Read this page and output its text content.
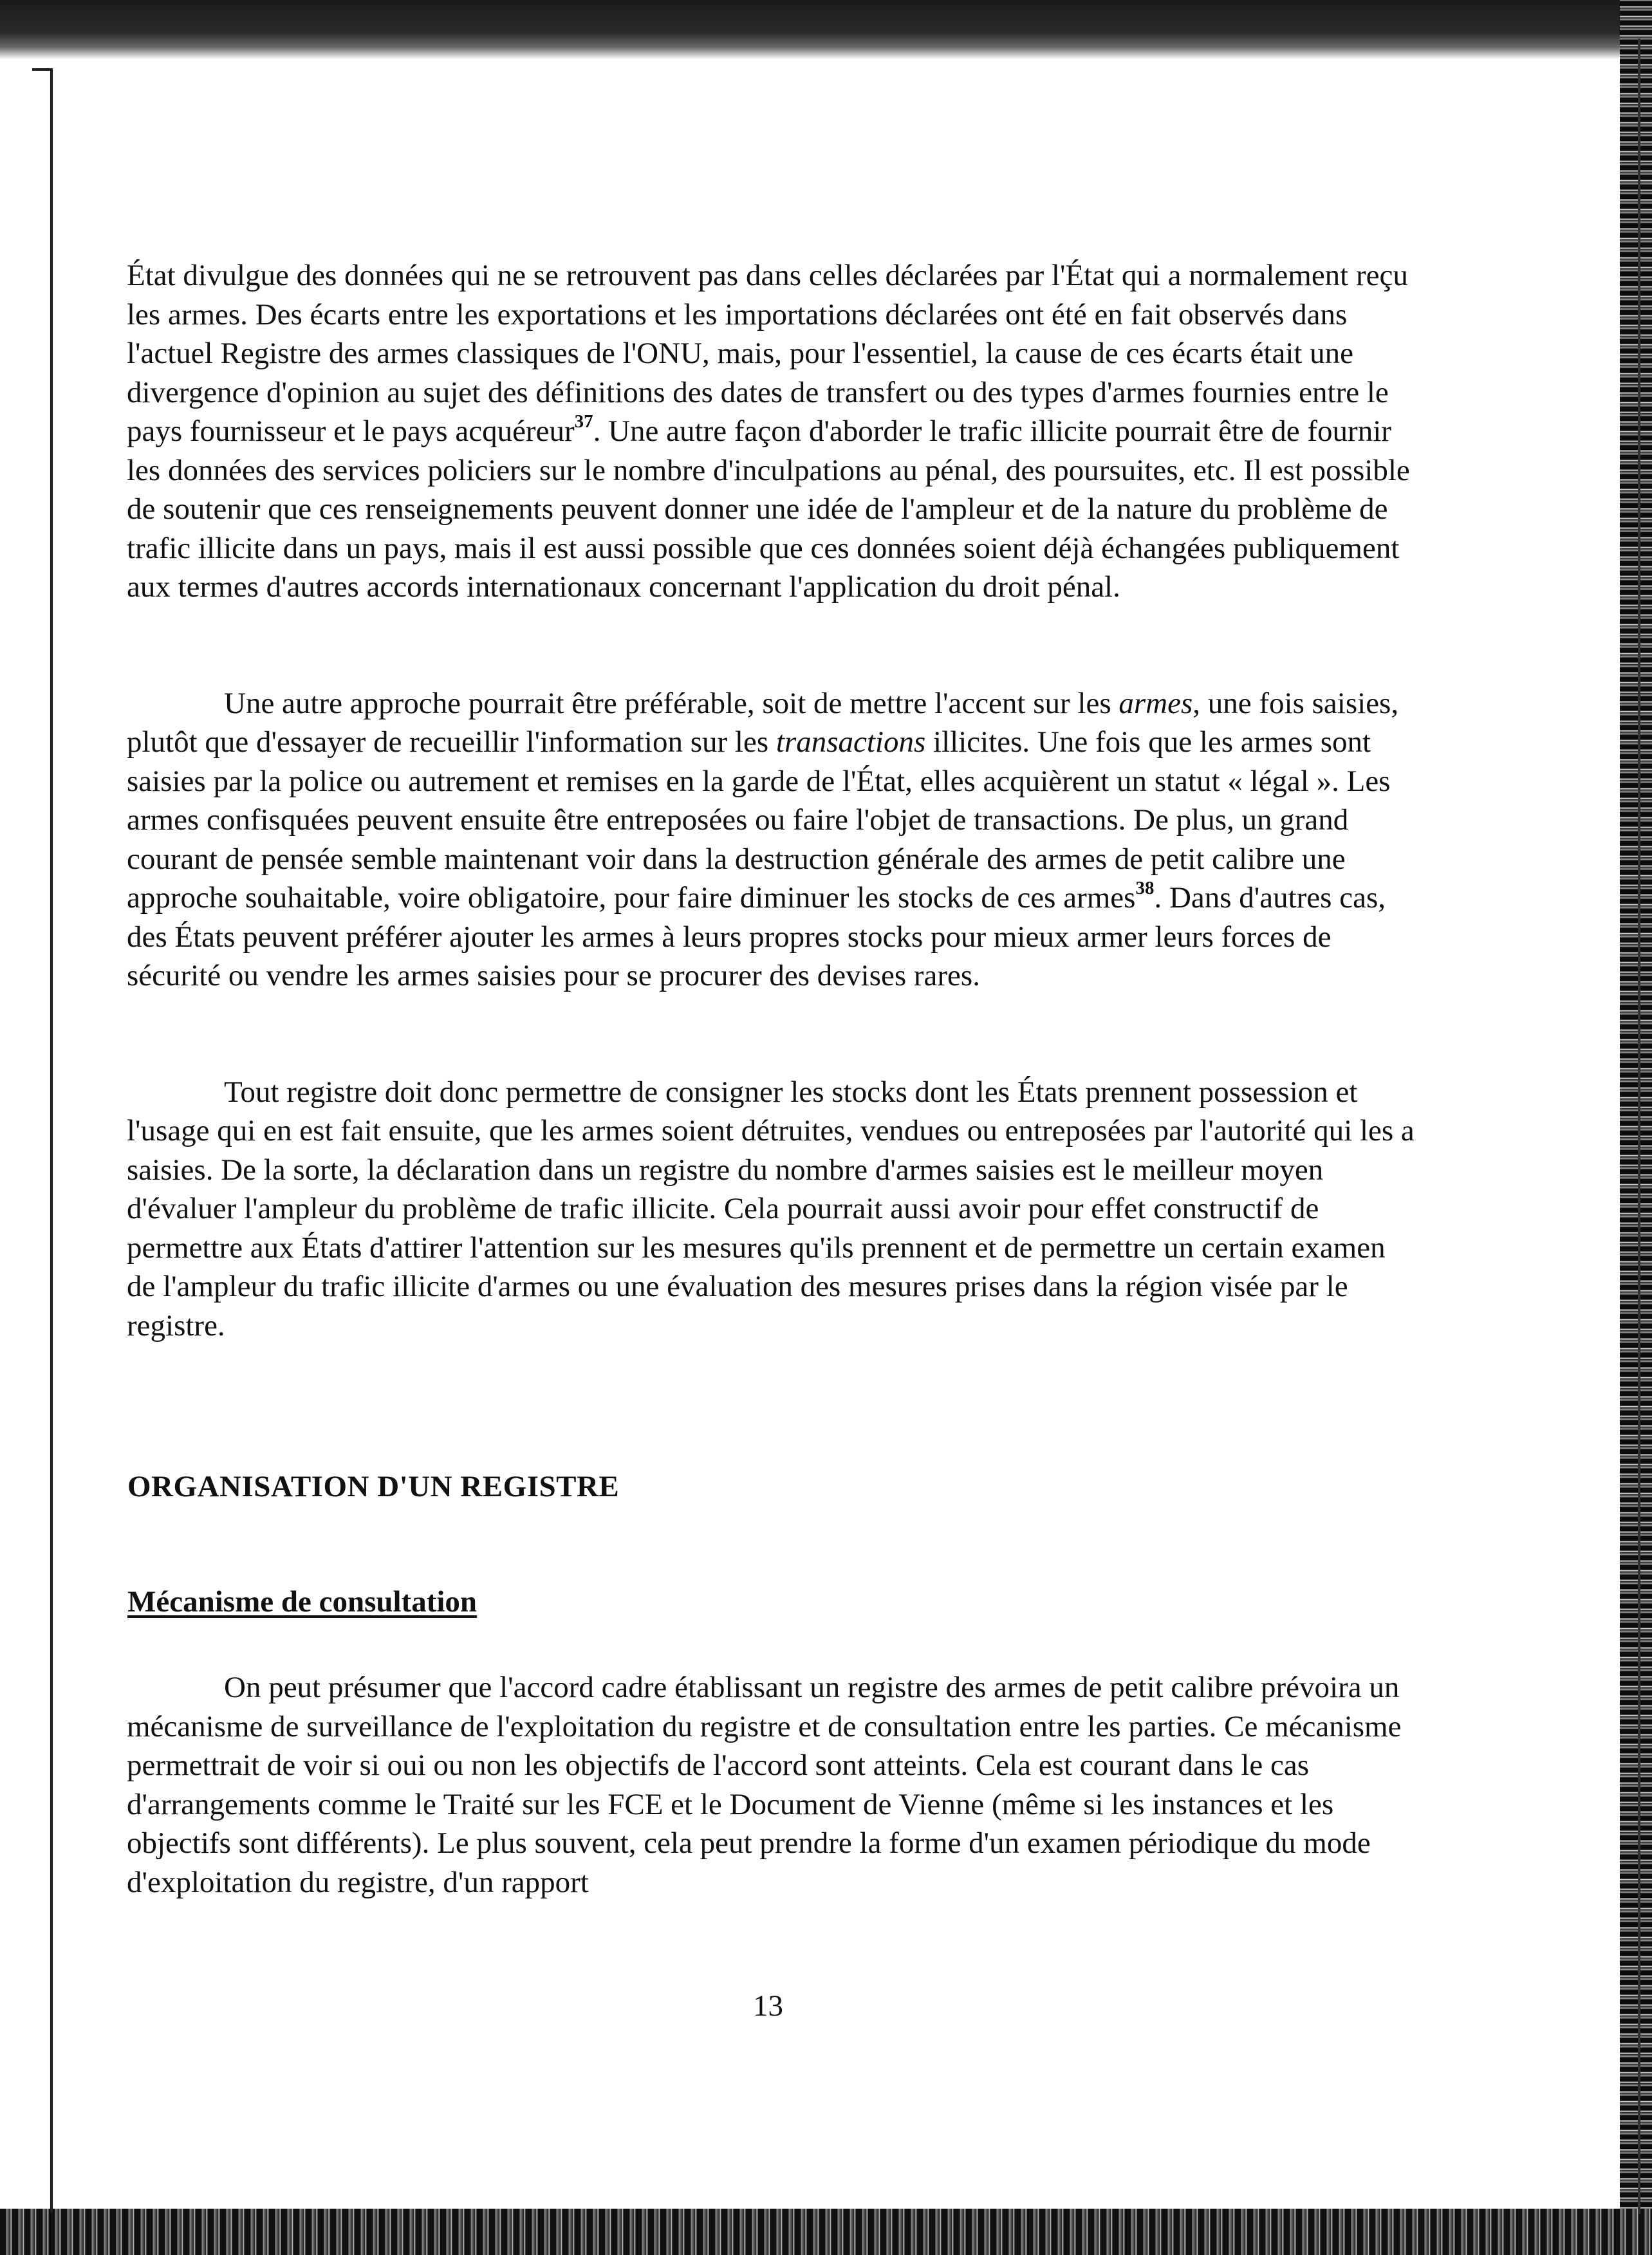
État divulgue des données qui ne se retrouvent pas dans celles déclarées par l'État qui a normalement reçu les armes. Des écarts entre les exportations et les importations déclarées ont été en fait observés dans l'actuel Registre des armes classiques de l'ONU, mais, pour l'essentiel, la cause de ces écarts était une divergence d'opinion au sujet des définitions des dates de transfert ou des types d'armes fournies entre le pays fournisseur et le pays acquéreur$^{37}$. Une autre façon d'aborder le trafic illicite pourrait être de fournir les données des services policiers sur le nombre d'inculpations au pénal, des poursuites, etc. Il est possible de soutenir que ces renseignements peuvent donner une idée de l'ampleur et de la nature du problème de trafic illicite dans un pays, mais il est aussi possible que ces données soient déjà échangées publiquement aux termes d'autres accords internationaux concernant l'application du droit pénal.

Une autre approche pourrait être préférable, soit de mettre l'accent sur les armes, une fois saisies, plutôt que d'essayer de recueillir l'information sur les transactions illicites. Une fois que les armes sont saisies par la police ou autrement et remises en la garde de l'État, elles acquièrent un statut « légal ». Les armes confisquées peuvent ensuite être entreposées ou faire l'objet de transactions. De plus, un grand courant de pensée semble maintenant voir dans la destruction générale des armes de petit calibre une approche souhaitable, voire obligatoire, pour faire diminuer les stocks de ces armes$^{38}$. Dans d'autres cas, des États peuvent préférer ajouter les armes à leurs propres stocks pour mieux armer leurs forces de sécurité ou vendre les armes saisies pour se procurer des devises rares.

Tout registre doit donc permettre de consigner les stocks dont les États prennent possession et l'usage qui en est fait ensuite, que les armes soient détruites, vendues ou entreposées par l'autorité qui les a saisies. De la sorte, la déclaration dans un registre du nombre d'armes saisies est le meilleur moyen d'évaluer l'ampleur du problème de trafic illicite. Cela pourrait aussi avoir pour effet constructif de permettre aux États d'attirer l'attention sur les mesures qu'ils prennent et de permettre un certain examen de l'ampleur du trafic illicite d'armes ou une évaluation des mesures prises dans la région visée par le registre.

ORGANISATION D'UN REGISTRE
Mécanisme de consultation

On peut présumer que l'accord cadre établissant un registre des armes de petit calibre prévoira un mécanisme de surveillance de l'exploitation du registre et de consultation entre les parties. Ce mécanisme permettrait de voir si oui ou non les objectifs de l'accord sont atteints. Cela est courant dans le cas d'arrangements comme le Traité sur les FCE et le Document de Vienne (même si les instances et les objectifs sont différents). Le plus souvent, cela peut prendre la forme d'un examen périodique du mode d'exploitation du registre, d'un rapport

13
